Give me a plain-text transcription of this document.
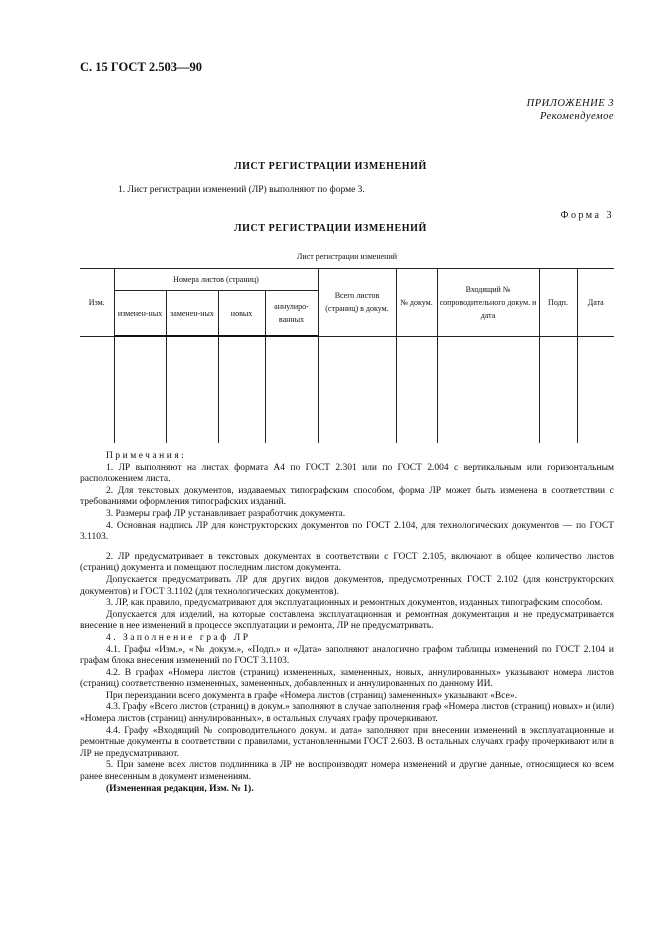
С. 15 ГОСТ 2.503—90
ПРИЛОЖЕНИЕ 3
Рекомендуемое
ЛИСТ РЕГИСТРАЦИИ ИЗМЕНЕНИЙ
1. Лист регистрации изменений (ЛР) выполняют по форме 3.
Форма 3
ЛИСТ РЕГИСТРАЦИИ ИЗМЕНЕНИЙ
Лист регистрации изменений
Изм.	Номера листов (страниц)				Всего листов (страниц) в докум.	№ докум.	Входящий № сопроводительного докум. и дата	Подп.	Дата
	изменен-ных	заменен-ных	новых	аннулиро-ванных					

Примечания:

1. ЛР выполняют на листах формата А4 по ГОСТ 2.301 или по ГОСТ 2.004 с вертикальным или горизонтальным расположением листа.

2. Для текстовых документов, издаваемых типографским способом, форма ЛР может быть изменена в соответствии с требованиями оформления типографских изданий.

3. Размеры граф ЛР устанавливает разработчик документа.

4. Основная надпись ЛР для конструкторских документов по ГОСТ 2.104, для технологических документов — по ГОСТ 3.1103.

2. ЛР предусматривает в текстовых документах в соответствии с ГОСТ 2.105, включают в общее количество листов (страниц) документа и помещают последним листом документа.

Допускается предусматривать ЛР для других видов документов, предусмотренных ГОСТ 2.102 (для конструкторских документов) и ГОСТ 3.1102 (для технологических документов).

3. ЛР, как правило, предусматривают для эксплуатационных и ремонтных документов, изданных типографским способом.

Допускается для изделий, на которые составлена эксплуатационная и ремонтная документация и не предусматривается внесение в нее изменений в процессе эксплуатации и ремонта, ЛР не предусматривать.

4. Заполнение граф ЛР

4.1. Графы «Изм.», «№ докум.», «Подп.» и «Дата» заполняют аналогично графом таблицы изменений по ГОСТ 2.104 и графам блока внесения изменений по ГОСТ 3.1103.

4.2. В графах «Номера листов (страниц) измененных, замененных, новых, аннулированных» указывают номера листов (страниц) соответственно измененных, замененных, добавленных и аннулированных по данному ИИ.

При переиздании всего документа в графе «Номера листов (страниц) замененных» указывают «Все».

4.3. Графу «Всего листов (страниц) в докум.» заполняют в случае заполнения граф «Номера листов (страниц) новых» и (или) «Номера листов (страниц) аннулированных», в остальных случаях графу прочеркивают.

4.4. Графу «Входящий № сопроводительного докум. и дата» заполняют при внесении изменений в эксплуатационные и ремонтные документы в соответствии с правилами, установленными ГОСТ 2.603. В остальных случаях графу прочеркивают или в ЛР не предусматривают.

5. При замене всех листов подлинника в ЛР не воспроизводят номера изменений и другие данные, относящиеся ко всем ранее внесенным в документ изменениям.

(Измененная редакция, Изм. № 1).
